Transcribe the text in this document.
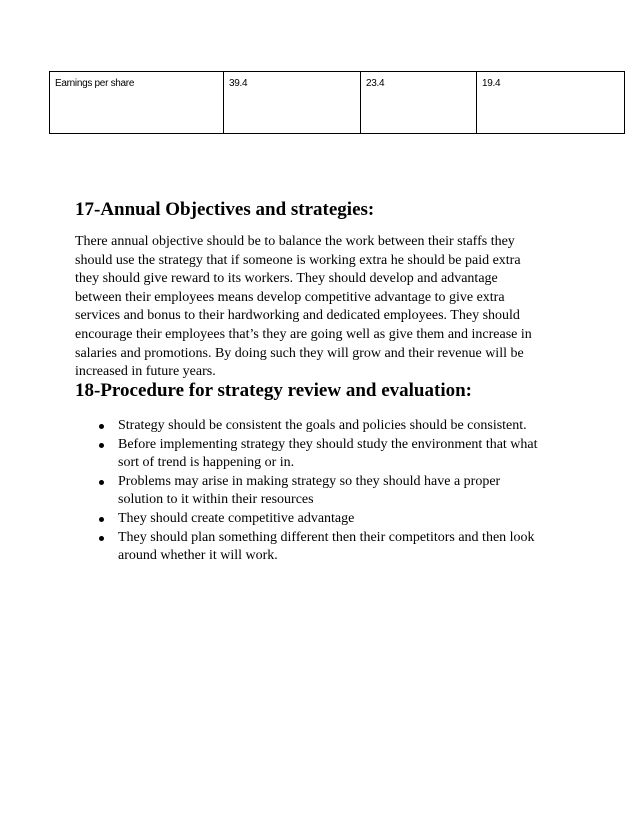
Earnings per share	39.4	23.4	19.4
17-Annual Objectives and strategies:

There annual objective should be to balance the work between their staffs they
should use the strategy that if someone is working extra he should be paid extra
they should give reward to its workers. They should develop and advantage
between their employees means develop competitive advantage to give extra
services and bonus to their hardworking and dedicated employees. They should
encourage their employees that’s they are going well as give them and increase in
salaries and promotions. By doing such they will grow and their revenue will be
increased in future years.

18-Procedure for strategy review and evaluation:
Strategy should be consistent the goals and policies should be consistent.
Before implementing strategy they should study the environment that what
sort of trend is happening or in.
Problems may arise in making strategy so they should have a proper
solution to it within their resources
They should create competitive advantage
They should plan something different then their competitors and then look
around whether it will work.
